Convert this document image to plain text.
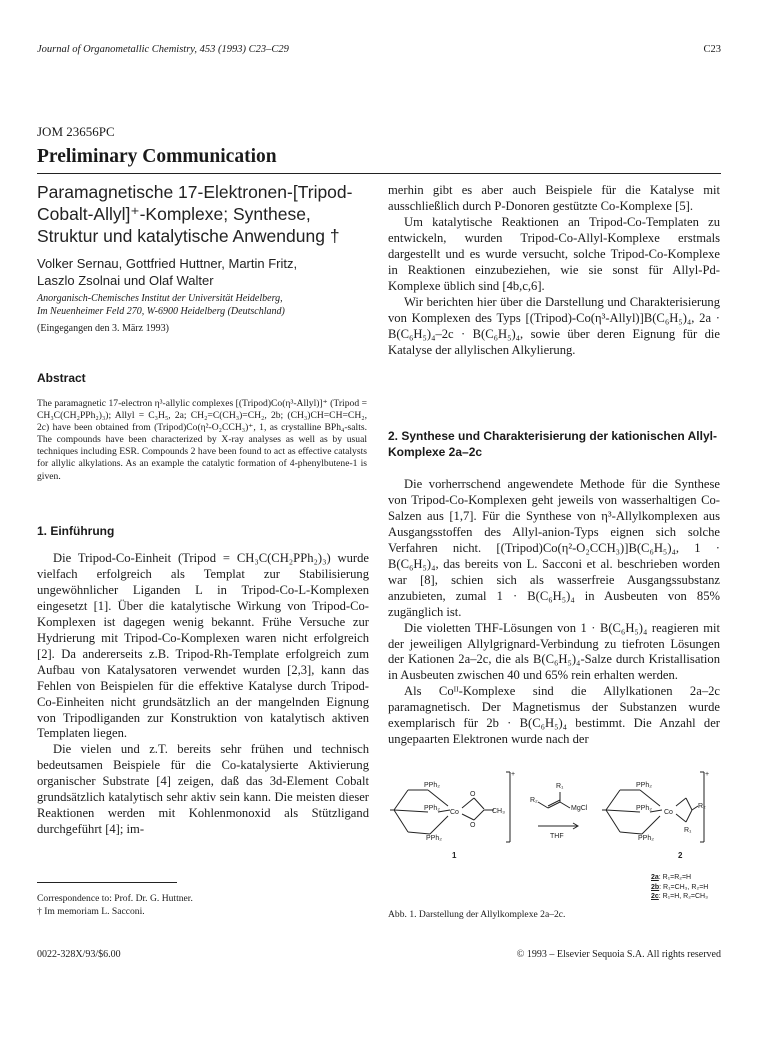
Journal of Organometallic Chemistry, 453 (1993) C23–C29	C23
JOM 23656PC
Preliminary Communication
Paramagnetische 17-Elektronen-[Tripod-
Cobalt-Allyl]⁺-Komplexe; Synthese,
Struktur und katalytische Anwendung †
Volker Sernau, Gottfried Huttner, Martin Fritz,
Laszlo Zsolnai und Olaf Walter
Anorganisch-Chemisches Institut der Universität Heidelberg,
Im Neuenheimer Feld 270, W-6900 Heidelberg (Deutschland)
(Eingegangen den 3. März 1993)
Abstract

The paramagnetic 17-electron η³-allylic complexes [(Tripod)Co(η³-Allyl)]⁺ (Tripod = CH₃C(CH₂PPh₂)₃); Allyl = C₃H₅, 2a; CH₂=C(CH₃)=CH₂, 2b; (CH₃)CH=CH=CH₂, 2c) have been obtained from (Tripod)Co(η²-O₂CCH₃)⁺, 1, as crystalline BPh₄-salts. The compounds have been characterized by X-ray analyses as well as by usual techniques including ESR. Compounds 2 have been found to act as effective catalysts for allylic alkylations. As an example the catalytic formation of 4-phenylbutene-1 is given.

1. Einführung

Die Tripod-Co-Einheit (Tripod = CH₃C(CH₂PPh₂)₃) wurde vielfach erfolgreich als Templat zur Stabilisierung ungewöhnlicher Liganden L in Tripod-Co-L-Komplexen eingesetzt [1]. Über die katalytische Wirkung von Tripod-Co-Komplexen ist dagegen wenig bekannt. Frühe Versuche zur Hydrierung mit Tripod-Co-Komplexen waren nicht erfolgreich [2]. Da andererseits z.B. Tripod-Rh-Template erfolgreich zum Aufbau von Katalysatoren verwendet wurden [2,3], kann das Fehlen von Beispielen für die effektive Katalyse durch Tripod-Co-Einheiten nicht grundsätzlich an der mangelnden Eignung von Tripodliganden zur Konstruktion von katalytisch aktiven Templaten liegen.

Die vielen und z.T. bereits sehr frühen und technisch bedeutsamen Beispiele für die Co-katalysierte Aktivierung organischer Substrate [4] zeigen, daß das 3d-Element Cobalt grundsätzlich katalytisch sehr aktiv sein kann. Die meisten dieser Reaktionen werden mit Kohlenmonoxid als Stützligand durchgeführt [4]; im-

Correspondence to: Prof. Dr. G. Huttner.
† Im memoriam L. Sacconi.

merhin gibt es aber auch Beispiele für die Katalyse mit ausschließlich durch P-Donoren gestützte Co-Komplexe [5].

Um katalytische Reaktionen an Tripod-Co-Templaten zu entwickeln, wurden Tripod-Co-Allyl-Komplexe erstmals dargestellt und es wurde versucht, solche Tripod-Co-Komplexe in Reaktionen einzubeziehen, wie sie sonst für Allyl-Pd-Komplexe üblich sind [4b,c,6].

Wir berichten hier über die Darstellung und Charakterisierung von Komplexen des Typs [(Tripod)-Co(η³-Allyl)]B(C₆H₅)₄, 2a · B(C₆H₅)₄–2c · B(C₆H₅)₄, sowie über deren Eignung für die Katalyse der allylischen Alkylierung.

2. Synthese und Charakterisierung der kationischen Allyl-Komplexe 2a–2c

Die vorherrschend angewendete Methode für die Synthese von Tripod-Co-Komplexen geht jeweils von wasserhaltigen Co-Salzen aus [1,7]. Für die Synthese von η³-Allylkomplexen aus Ausgangsstoffen des Allyl-anion-Typs eignen sich solche Verfahren nicht. [(Tripod)Co(η²-O₂CCH₃)]B(C₆H₅)₄, 1 · B(C₆H₅)₄, das bereits von L. Sacconi et al. beschrieben worden war [8], schien sich als wasserfreie Ausgangssubstanz anzubieten, zumal 1 · B(C₆H₅)₄ in Ausbeuten von 85% zugänglich ist.

Die violetten THF-Lösungen von 1 · B(C₆H₅)₄ reagieren mit der jeweiligen Allylgrignard-Verbindung zu tiefroten Lösungen der Kationen 2a–2c, die als B(C₆H₅)₄-Salze durch Kristallisation in Ausbeuten zwischen 40 und 65% rein erhalten werden.

Als Coᴵᴵ-Komplexe sind die Allylkationen 2a–2c paramagnetisch. Der Magnetismus der Substanzen wurde exemplarisch für 2b · B(C₆H₅)₄ bestimmt. Die Anzahl der ungepaarten Elektronen wurde nach der

PPh₂
PPh₂
PPh₂
Co
O
O
CH₃
+
1
R₁
R₂
MgCl
THF
PPh₂
PPh₂
PPh₂
Co
R₂
R₁
+
2
2a: R₁=R₂=H
2b: R₁=CH₃, R₂=H
2c: R₁=H, R₂=CH₃
Abb. 1. Darstellung der Allylkomplexe 2a–2c.
0022-328X/93/$6.00	© 1993 – Elsevier Sequoia S.A. All rights reserved
